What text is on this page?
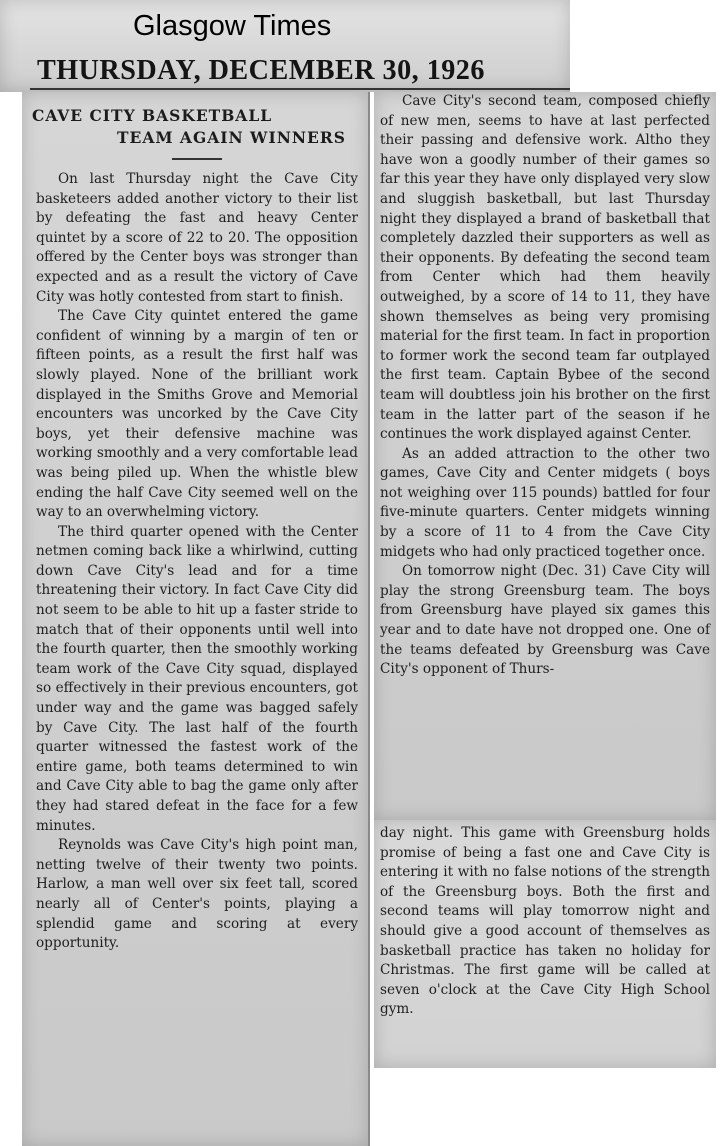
Glasgow Times
THURSDAY, DECEMBER 30, 1926
CAVE CITY BASKETBALL
TEAM AGAIN WINNERS

On last Thursday night the Cave City basketeers added another victory to their list by defeating the fast and heavy Center quintet by a score of 22 to 20. The opposition offered by the Center boys was stronger than expected and as a result the victory of Cave City was hotly contested from start to finish.

The Cave City quintet entered the game confident of winning by a margin of ten or fifteen points, as a result the first half was slowly played. None of the brilliant work displayed in the Smiths Grove and Memorial encounters was uncorked by the Cave City boys, yet their defensive machine was working smoothly and a very comfortable lead was being piled up. When the whistle blew ending the half Cave City seemed well on the way to an overwhelming victory.

The third quarter opened with the Center netmen coming back like a whirlwind, cutting down Cave City's lead and for a time threatening their victory. In fact Cave City did not seem to be able to hit up a faster stride to match that of their opponents until well into the fourth quarter, then the smoothly working team work of the Cave City squad, displayed so effectively in their previous encounters, got under way and the game was bagged safely by Cave City. The last half of the fourth quarter witnessed the fastest work of the entire game, both teams determined to win and Cave City able to bag the game only after they had stared defeat in the face for a few minutes.

Reynolds was Cave City's high point man, netting twelve of their twenty two points. Harlow, a man well over six feet tall, scored nearly all of Center's points, playing a splendid game and scoring at every opportunity.

Cave City's second team, composed chiefly of new men, seems to have at last perfected their passing and defensive work. Altho they have won a goodly number of their games so far this year they have only displayed very slow and sluggish basketball, but last Thursday night they displayed a brand of basketball that completely dazzled their supporters as well as their opponents. By defeating the second team from Center which had them heavily outweighed, by a score of 14 to 11, they have shown themselves as being very promising material for the first team. In fact in proportion to former work the second team far outplayed the first team. Captain Bybee of the second team will doubtless join his brother on the first team in the latter part of the season if he continues the work displayed against Center.

As an added attraction to the other two games, Cave City and Center midgets ( boys not weighing over 115 pounds) battled for four five-minute quarters. Center midgets winning by a score of 11 to 4 from the Cave City midgets who had only practiced together once.

On tomorrow night (Dec. 31) Cave City will play the strong Greensburg team. The boys from Greensburg have played six games this year and to date have not dropped one. One of the teams defeated by Greensburg was Cave City's opponent of Thurs-

day night. This game with Greensburg holds promise of being a fast one and Cave City is entering it with no false notions of the strength of the Greensburg boys. Both the first and second teams will play tomorrow night and should give a good account of themselves as basketball practice has taken no holiday for Christmas. The first game will be called at seven o'clock at the Cave City High School gym.
